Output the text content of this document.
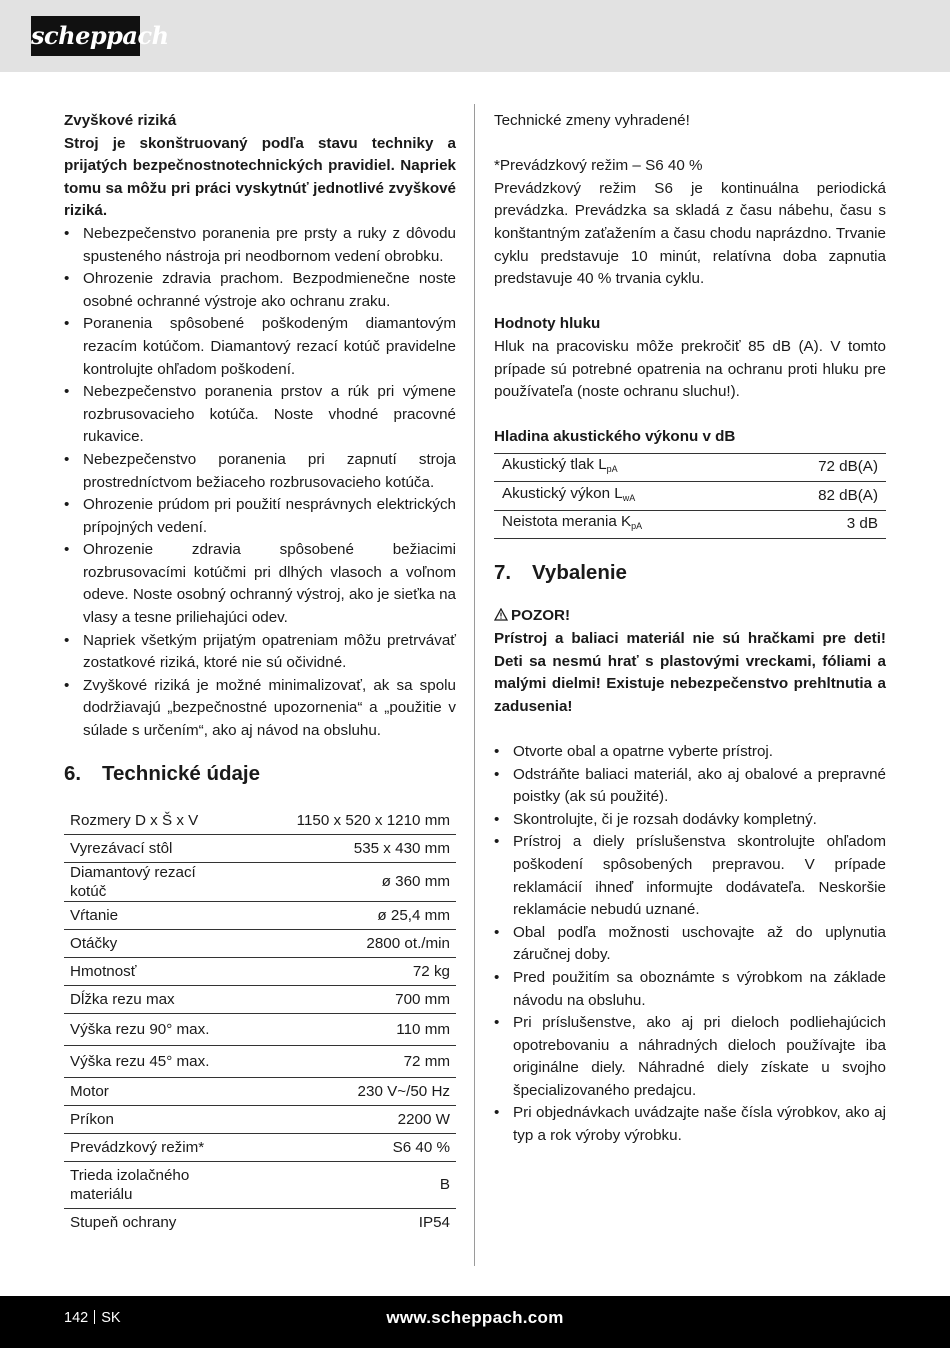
scheppach

Zvyškové riziká

Stroj je skonštruovaný podľa stavu techniky a prijatých bezpečnostnotechnických pravidiel. Napriek tomu sa môžu pri práci vyskytnúť jednotlivé zvyškové riziká.

• Nebezpečenstvo poranenia pre prsty a ruky z dôvodu spusteného nástroja pri neodbornom vedení obrobku.
• Ohrozenie zdravia prachom. Bezpodmienečne noste osobné ochranné výstroje ako ochranu zraku.
• Poranenia spôsobené poškodeným diamantovým rezacím kotúčom. Diamantový rezací kotúč pravidelne kontrolujte ohľadom poškodení.
• Nebezpečenstvo poranenia prstov a rúk pri výmene rozbrusovacieho kotúča. Noste vhodné pracovné rukavice.
• Nebezpečenstvo poranenia pri zapnutí stroja prostredníctvom bežiaceho rozbrusovacieho kotúča.
• Ohrozenie prúdom pri použití nesprávnych elektrických prípojných vedení.
• Ohrozenie zdravia spôsobené bežiacimi rozbrusovacími kotúčmi pri dlhých vlasoch a voľnom odeve. Noste osobný ochranný výstroj, ako je sieťka na vlasy a tesne priliehajúci odev.
• Napriek všetkým prijatým opatreniam môžu pretrvávať zostatkové riziká, ktoré nie sú očividné.
• Zvyškové riziká je možné minimalizovať, ak sa spolu dodržiavajú „bezpečnostné upozornenia“ a „použitie v súlade s určením“, ako aj návod na obsluhu.
6. Technické údaje
Rozmery D x Š x V	1150 x 520 x 1210 mm
Vyrezávací stôl	535 x 430 mm
Diamantový rezací kotúč	ø 360 mm
Vŕtanie	ø 25,4 mm
Otáčky	2800 ot./min
Hmotnosť	72 kg
Dĺžka rezu max	700 mm
Výška rezu 90° max.	110 mm
Výška rezu 45° max.	72 mm
Motor	230 V~/50 Hz
Príkon	2200 W
Prevádzkový režim*	S6 40 %
Trieda izolačného materiálu	B
Stupeň ochrany	IP54

Technické zmeny vyhradené!

*Prevádzkový režim – S6 40 %

Prevádzkový režim S6 je kontinuálna periodická prevádzka. Prevádzka sa skladá z času nábehu, času s konštantným zaťažením a času chodu naprázdno. Trvanie cyklu predstavuje 10 minút, relatívna doba zapnutia predstavuje 40 % trvania cyklu.

Hodnoty hluku

Hluk na pracovisku môže prekročiť 85 dB (A). V tomto prípade sú potrebné opatrenia na ochranu proti hluku pre používateľa (noste ochranu sluchu!).

Hladina akustického výkonu v dB

Akustický tlak $L_{pA}$	72 dB(A)
Akustický výkon $L_{wA}$	82 dB(A)
Neistota merania $K_{pA}$	3 dB
7. Vybalenie

POZOR!

Prístroj a baliaci materiál nie sú hračkami pre deti! Deti sa nesmú hrať s plastovými vreckami, fóliami a malými dielmi! Existuje nebezpečenstvo prehltnutia a zadusenia!

• Otvorte obal a opatrne vyberte prístroj.
• Odstráňte baliaci materiál, ako aj obalové a prepravné poistky (ak sú použité).
• Skontrolujte, či je rozsah dodávky kompletný.
• Prístroj a diely príslušenstva skontrolujte ohľadom poškodení spôsobených prepravou. V prípade reklamácií ihneď informujte dodávateľa. Neskoršie reklamácie nebudú uznané.
• Obal podľa možnosti uschovajte až do uplynutia záručnej doby.
• Pred použitím sa oboznámte s výrobkom na základe návodu na obsluhu.
• Pri príslušenstve, ako aj pri dieloch podliehajúcich opotrebovaniu a náhradných dieloch používajte iba originálne diely. Náhradné diely získate u svojho špecializovaného predajcu.
• Pri objednávkach uvádzajte naše čísla výrobkov, ako aj typ a rok výroby výrobku.
142 SK	www.scheppach.com
